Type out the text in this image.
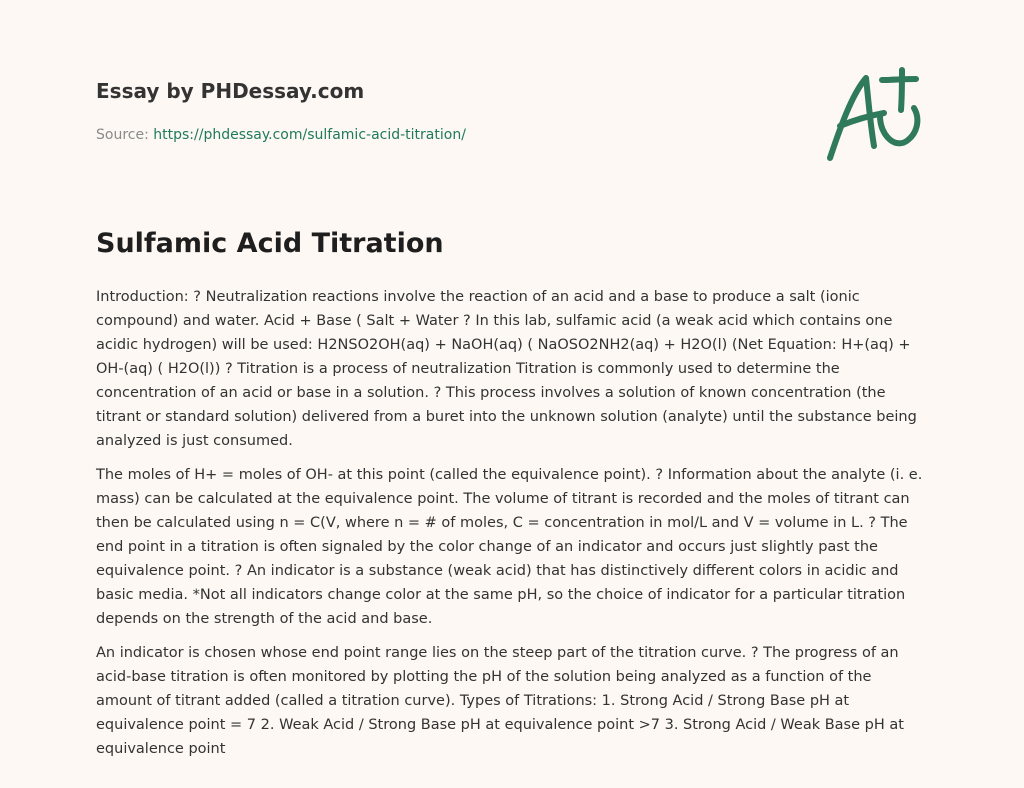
Essay by PHDessay.com
Source: https://phdessay.com/sulfamic-acid-titration/
Sulfamic Acid Titration

Introduction: ? Neutralization reactions involve the reaction of an acid and a base to produce a salt (ionic compound) and water. Acid + Base ( Salt + Water ? In this lab, sulfamic acid (a weak acid which contains one acidic hydrogen) will be used: H2NSO2OH(aq) + NaOH(aq) ( NaOSO2NH2(aq) + H2O(l) (Net Equation: H+(aq) + OH-(aq) ( H2O(l)) ? Titration is a process of neutralization Titration is commonly used to determine the concentration of an acid or base in a solution. ? This process involves a solution of known concentration (the titrant or standard solution) delivered from a buret into the unknown solution (analyte) until the substance being analyzed is just consumed.

The moles of H+ = moles of OH- at this point (called the equivalence point). ? Information about the analyte (i. e. mass) can be calculated at the equivalence point. The volume of titrant is recorded and the moles of titrant can then be calculated using n = C(V, where n = # of moles, C = concentration in mol/L and V = volume in L. ? The end point in a titration is often signaled by the color change of an indicator and occurs just slightly past the equivalence point. ? An indicator is a substance (weak acid) that has distinctively different colors in acidic and basic media. *Not all indicators change color at the same pH, so the choice of indicator for a particular titration depends on the strength of the acid and base.

An indicator is chosen whose end point range lies on the steep part of the titration curve. ? The progress of an acid-base titration is often monitored by plotting the pH of the solution being analyzed as a function of the amount of titrant added (called a titration curve). Types of Titrations: 1. Strong Acid / Strong Base pH at equivalence point = 7 2. Weak Acid / Strong Base pH at equivalence point >7 3. Strong Acid / Weak Base pH at equivalence point
